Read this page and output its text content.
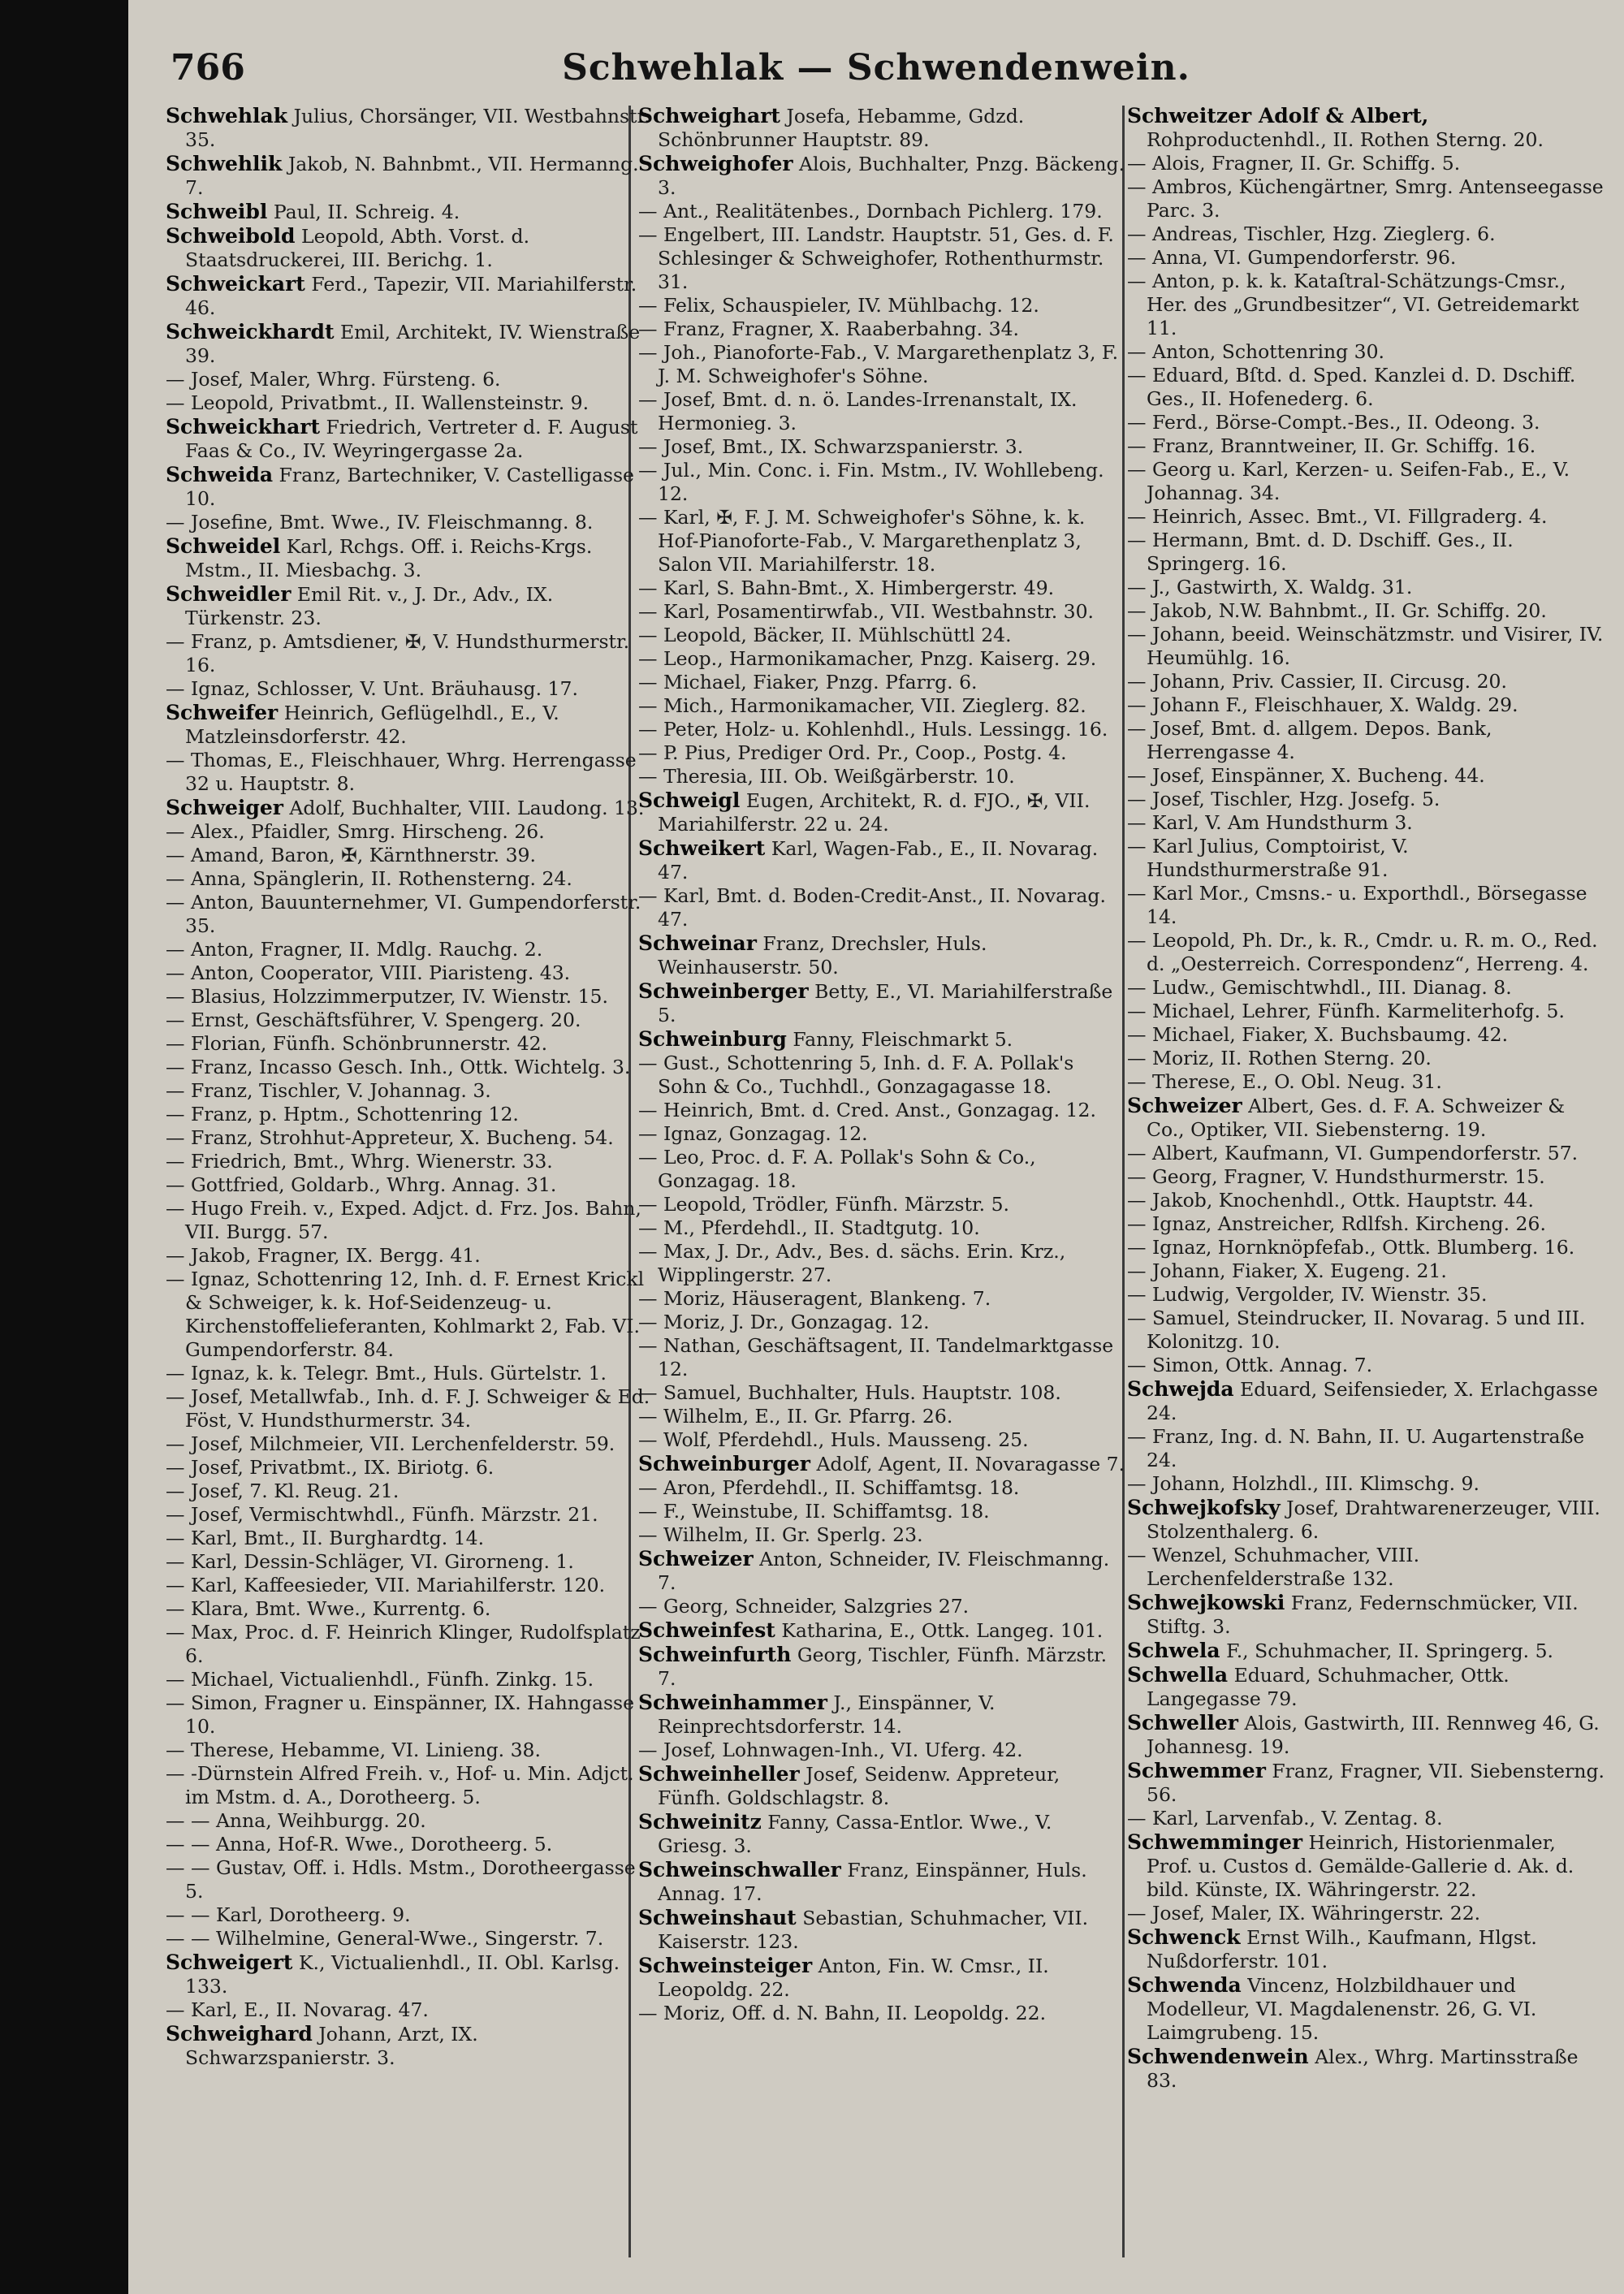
766	Schwehlak — Schwendenwein.

Schwehlak Julius, Chorsänger, VII. Westbahnstr. 35.

Schwehlik Jakob, N. Bahnbmt., VII. Hermanng. 7.

Schweibl Paul, II. Schreig. 4.

Schweibold Leopold, Abth. Vorst. d. Staatsdruckerei, III. Berichg. 1.

Schweickart Ferd., Tapezir, VII. Mariahilferstr. 46.

Schweickhardt Emil, Architekt, IV. Wienstraße 39.

— Josef, Maler, Whrg. Fürsteng. 6.

— Leopold, Privatbmt., II. Wallensteinstr. 9.

Schweickhart Friedrich, Vertreter d. F. August Faas & Co., IV. Weyringergasse 2a.

Schweida Franz, Bartechniker, V. Castelligasse 10.

— Josefine, Bmt. Wwe., IV. Fleischmanng. 8.

Schweidel Karl, Rchgs. Off. i. Reichs-Krgs. Mstm., II. Miesbachg. 3.

Schweidler Emil Rit. v., J. Dr., Adv., IX. Türkenstr. 23.

— Franz, p. Amtsdiener, ✠, V. Hundsthurmerstr. 16.

— Ignaz, Schlosser, V. Unt. Bräuhausg. 17.

Schweifer Heinrich, Geflügelhdl., E., V. Matzleinsdorferstr. 42.

— Thomas, E., Fleischhauer, Whrg. Herrengasse 32 u. Hauptstr. 8.

Schweiger Adolf, Buchhalter, VIII. Laudong. 13.

— Alex., Pfaidler, Smrg. Hirscheng. 26.

— Amand, Baron, ✠, Kärnthnerstr. 39.

— Anna, Spänglerin, II. Rothensterng. 24.

— Anton, Bauunternehmer, VI. Gumpendorferstr. 35.

— Anton, Fragner, II. Mdlg. Rauchg. 2.

— Anton, Cooperator, VIII. Piaristeng. 43.

— Blasius, Holzzimmerputzer, IV. Wienstr. 15.

— Ernst, Geschäftsführer, V. Spengerg. 20.

— Florian, Fünfh. Schönbrunnerstr. 42.

— Franz, Incasso Gesch. Inh., Ottk. Wichtelg. 3.

— Franz, Tischler, V. Johannag. 3.

— Franz, p. Hptm., Schottenring 12.

— Franz, Strohhut-Appreteur, X. Bucheng. 54.

— Friedrich, Bmt., Whrg. Wienerstr. 33.

— Gottfried, Goldarb., Whrg. Annag. 31.

— Hugo Freih. v., Exped. Adjct. d. Frz. Jos. Bahn, VII. Burgg. 57.

— Jakob, Fragner, IX. Bergg. 41.

— Ignaz, Schottenring 12, Inh. d. F. Ernest Krickl & Schweiger, k. k. Hof-Seidenzeug- u. Kirchenstoffelieferanten, Kohlmarkt 2, Fab. VI. Gumpendorferstr. 84.

— Ignaz, k. k. Telegr. Bmt., Huls. Gürtelstr. 1.

— Josef, Metallwfab., Inh. d. F. J. Schweiger & Ed. Föst, V. Hundsthurmerstr. 34.

— Josef, Milchmeier, VII. Lerchenfelderstr. 59.

— Josef, Privatbmt., IX. Biriotg. 6.

— Josef, 7. Kl. Reug. 21.

— Josef, Vermischtwhdl., Fünfh. Märzstr. 21.

— Karl, Bmt., II. Burghardtg. 14.

— Karl, Dessin-Schläger, VI. Girorneng. 1.

— Karl, Kaffeesieder, VII. Mariahilferstr. 120.

— Klara, Bmt. Wwe., Kurrentg. 6.

— Max, Proc. d. F. Heinrich Klinger, Rudolfsplatz 6.

— Michael, Victualienhdl., Fünfh. Zinkg. 15.

— Simon, Fragner u. Einspänner, IX. Hahngasse 10.

— Therese, Hebamme, VI. Linieng. 38.

— -Dürnstein Alfred Freih. v., Hof- u. Min. Adjct. im Mstm. d. A., Dorotheerg. 5.

— — Anna, Weihburgg. 20.

— — Anna, Hof-R. Wwe., Dorotheerg. 5.

— — Gustav, Off. i. Hdls. Mstm., Dorotheergasse 5.

— — Karl, Dorotheerg. 9.

— — Wilhelmine, General-Wwe., Singerstr. 7.

Schweigert K., Victualienhdl., II. Obl. Karlsg. 133.

— Karl, E., II. Novarag. 47.

Schweighard Johann, Arzt, IX. Schwarzspanierstr. 3.

Schweighart Josefa, Hebamme, Gdzd. Schönbrunner Hauptstr. 89.

Schweighofer Alois, Buchhalter, Pnzg. Bäckeng. 3.

— Ant., Realitätenbes., Dornbach Pichlerg. 179.

— Engelbert, III. Landstr. Hauptstr. 51, Ges. d. F. Schlesinger & Schweighofer, Rothenthurmstr. 31.

— Felix, Schauspieler, IV. Mühlbachg. 12.

— Franz, Fragner, X. Raaberbahng. 34.

— Joh., Pianoforte-Fab., V. Margarethenplatz 3, F. J. M. Schweighofer's Söhne.

— Josef, Bmt. d. n. ö. Landes-Irrenanstalt, IX. Hermonieg. 3.

— Josef, Bmt., IX. Schwarzspanierstr. 3.

— Jul., Min. Conc. i. Fin. Mstm., IV. Wohllebeng. 12.

— Karl, ✠, F. J. M. Schweighofer's Söhne, k. k. Hof-Pianoforte-Fab., V. Margarethenplatz 3, Salon VII. Mariahilferstr. 18.

— Karl, S. Bahn-Bmt., X. Himbergerstr. 49.

— Karl, Posamentirwfab., VII. Westbahnstr. 30.

— Leopold, Bäcker, II. Mühlschüttl 24.

— Leop., Harmonikamacher, Pnzg. Kaiserg. 29.

— Michael, Fiaker, Pnzg. Pfarrg. 6.

— Mich., Harmonikamacher, VII. Zieglerg. 82.

— Peter, Holz- u. Kohlenhdl., Huls. Lessingg. 16.

— P. Pius, Prediger Ord. Pr., Coop., Postg. 4.

— Theresia, III. Ob. Weißgärberstr. 10.

Schweigl Eugen, Architekt, R. d. FJO., ✠, VII. Mariahilferstr. 22 u. 24.

Schweikert Karl, Wagen-Fab., E., II. Novarag. 47.

— Karl, Bmt. d. Boden-Credit-Anst., II. Novarag. 47.

Schweinar Franz, Drechsler, Huls. Weinhauserstr. 50.

Schweinberger Betty, E., VI. Mariahilferstraße 5.

Schweinburg Fanny, Fleischmarkt 5.

— Gust., Schottenring 5, Inh. d. F. A. Pollak's Sohn & Co., Tuchhdl., Gonzagagasse 18.

— Heinrich, Bmt. d. Cred. Anst., Gonzagag. 12.

— Ignaz, Gonzagag. 12.

— Leo, Proc. d. F. A. Pollak's Sohn & Co., Gonzagag. 18.

— Leopold, Trödler, Fünfh. Märzstr. 5.

— M., Pferdehdl., II. Stadtgutg. 10.

— Max, J. Dr., Adv., Bes. d. sächs. Erin. Krz., Wipplingerstr. 27.

— Moriz, Häuseragent, Blankeng. 7.

— Moriz, J. Dr., Gonzagag. 12.

— Nathan, Geschäftsagent, II. Tandelmarktgasse 12.

— Samuel, Buchhalter, Huls. Hauptstr. 108.

— Wilhelm, E., II. Gr. Pfarrg. 26.

— Wolf, Pferdehdl., Huls. Mausseng. 25.

Schweinburger Adolf, Agent, II. Novaragasse 7.

— Aron, Pferdehdl., II. Schiffamtsg. 18.

— F., Weinstube, II. Schiffamtsg. 18.

— Wilhelm, II. Gr. Sperlg. 23.

Schweizer Anton, Schneider, IV. Fleischmanng. 7.

— Georg, Schneider, Salzgries 27.

Schweinfest Katharina, E., Ottk. Langeg. 101.

Schweinfurth Georg, Tischler, Fünfh. Märzstr. 7.

Schweinhammer J., Einspänner, V. Reinprechtsdorferstr. 14.

— Josef, Lohnwagen-Inh., VI. Uferg. 42.

Schweinheller Josef, Seidenw. Appreteur, Fünfh. Goldschlagstr. 8.

Schweinitz Fanny, Cassa-Entlor. Wwe., V. Griesg. 3.

Schweinschwaller Franz, Einspänner, Huls. Annag. 17.

Schweinshaut Sebastian, Schuhmacher, VII. Kaiserstr. 123.

Schweinsteiger Anton, Fin. W. Cmsr., II. Leopoldg. 22.

— Moriz, Off. d. N. Bahn, II. Leopoldg. 22.

Schweitzer Adolf & Albert, Rohproductenhdl., II. Rothen Sterng. 20.

— Alois, Fragner, II. Gr. Schiffg. 5.

— Ambros, Küchengärtner, Smrg. Antenseegasse Parc. 3.

— Andreas, Tischler, Hzg. Zieglerg. 6.

— Anna, VI. Gumpendorferstr. 96.

— Anton, p. k. k. Kataſtral-Schätzungs-Cmsr., Her. des „Grundbesitzer“, VI. Getreidemarkt 11.

— Anton, Schottenring 30.

— Eduard, Bſtd. d. Sped. Kanzlei d. D. Dschiff. Ges., II. Hofenederg. 6.

— Ferd., Börse-Compt.-Bes., II. Odeong. 3.

— Franz, Branntweiner, II. Gr. Schiffg. 16.

— Georg u. Karl, Kerzen- u. Seifen-Fab., E., V. Johannag. 34.

— Heinrich, Assec. Bmt., VI. Fillgraderg. 4.

— Hermann, Bmt. d. D. Dschiff. Ges., II. Springerg. 16.

— J., Gastwirth, X. Waldg. 31.

— Jakob, N.W. Bahnbmt., II. Gr. Schiffg. 20.

— Johann, beeid. Weinschätzmstr. und Visirer, IV. Heumühlg. 16.

— Johann, Priv. Cassier, II. Circusg. 20.

— Johann F., Fleischhauer, X. Waldg. 29.

— Josef, Bmt. d. allgem. Depos. Bank, Herrengasse 4.

— Josef, Einspänner, X. Bucheng. 44.

— Josef, Tischler, Hzg. Josefg. 5.

— Karl, V. Am Hundsthurm 3.

— Karl Julius, Comptoirist, V. Hundsthurmerstraße 91.

— Karl Mor., Cmsns.- u. Exporthdl., Börsegasse 14.

— Leopold, Ph. Dr., k. R., Cmdr. u. R. m. O., Red. d. „Oesterreich. Correspondenz“, Herreng. 4.

— Ludw., Gemischtwhdl., III. Dianag. 8.

— Michael, Lehrer, Fünfh. Karmeliterhofg. 5.

— Michael, Fiaker, X. Buchsbaumg. 42.

— Moriz, II. Rothen Sterng. 20.

— Therese, E., O. Obl. Neug. 31.

Schweizer Albert, Ges. d. F. A. Schweizer & Co., Optiker, VII. Siebensterng. 19.

— Albert, Kaufmann, VI. Gumpendorferstr. 57.

— Georg, Fragner, V. Hundsthurmerstr. 15.

— Jakob, Knochenhdl., Ottk. Hauptstr. 44.

— Ignaz, Anstreicher, Rdlfsh. Kircheng. 26.

— Ignaz, Hornknöpfefab., Ottk. Blumberg. 16.

— Johann, Fiaker, X. Eugeng. 21.

— Ludwig, Vergolder, IV. Wienstr. 35.

— Samuel, Steindrucker, II. Novarag. 5 und III. Kolonitzg. 10.

— Simon, Ottk. Annag. 7.

Schwejda Eduard, Seifensieder, X. Erlachgasse 24.

— Franz, Ing. d. N. Bahn, II. U. Augartenstraße 24.

— Johann, Holzhdl., III. Klimschg. 9.

Schwejkofsky Josef, Drahtwarenerzeuger, VIII. Stolzenthalerg. 6.

— Wenzel, Schuhmacher, VIII. Lerchenfelderstraße 132.

Schwejkowski Franz, Federnschmücker, VII. Stiftg. 3.

Schwela F., Schuhmacher, II. Springerg. 5.

Schwella Eduard, Schuhmacher, Ottk. Langegasse 79.

Schweller Alois, Gastwirth, III. Rennweg 46, G. Johannesg. 19.

Schwemmer Franz, Fragner, VII. Siebensterng. 56.

— Karl, Larvenfab., V. Zentag. 8.

Schwemminger Heinrich, Historienmaler, Prof. u. Custos d. Gemälde-Gallerie d. Ak. d. bild. Künste, IX. Währingerstr. 22.

— Josef, Maler, IX. Währingerstr. 22.

Schwenck Ernst Wilh., Kaufmann, Hlgst. Nußdorferstr. 101.

Schwenda Vincenz, Holzbildhauer und Modelleur, VI. Magdalenenstr. 26, G. VI. Laimgrubeng. 15.

Schwendenwein Alex., Whrg. Martinsstraße 83.
